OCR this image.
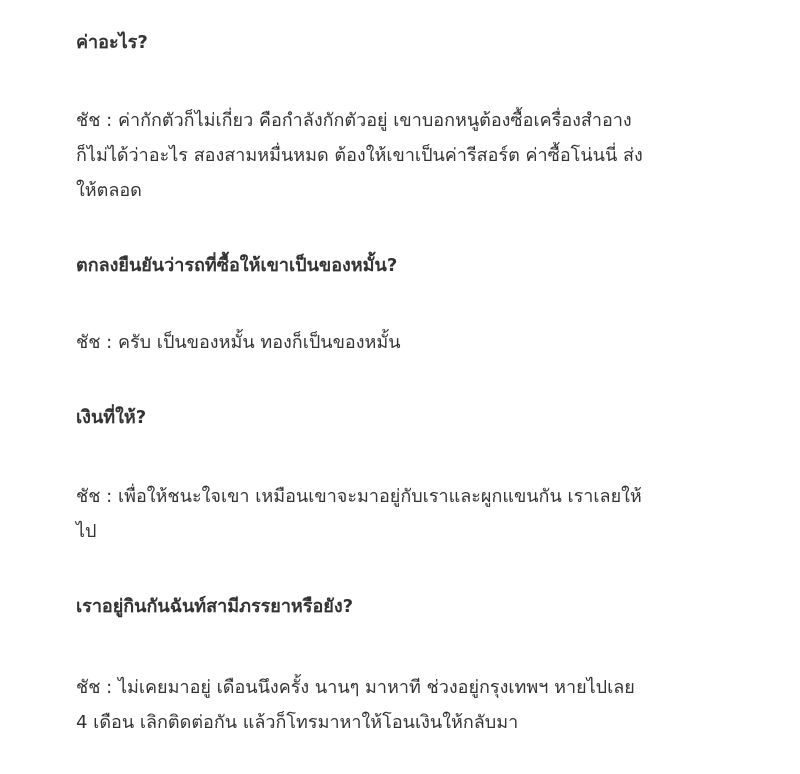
ค่าอะไร?

ชัช : ค่ากักตัวก็ไม่เกี่ยว คือกำลังกักตัวอยู่ เขาบอกหนูต้องซื้อเครื่องสำอาง
ก็ไม่ได้ว่าอะไร สองสามหมื่นหมด ต้องให้เขาเป็นค่ารีสอร์ต ค่าซื้อโน่นนี่ ส่ง
ให้ตลอด

ตกลงยืนยันว่ารถที่ซื้อให้เขาเป็นของหมั้น?

ชัช : ครับ เป็นของหมั้น ทองก็เป็นของหมั้น

เงินที่ให้?

ชัช : เพื่อให้ชนะใจเขา เหมือนเขาจะมาอยู่กับเราและผูกแขนกัน เราเลยให้
ไป

เราอยู่กินกันฉันท์สามีภรรยาหรือยัง?

ชัช : ไม่เคยมาอยู่ เดือนนึงครั้ง นานๆ มาหาที ช่วงอยู่กรุงเทพฯ หายไปเลย
4 เดือน เลิกติดต่อกัน แล้วก็โทรมาหาให้โอนเงินให้กลับมา
